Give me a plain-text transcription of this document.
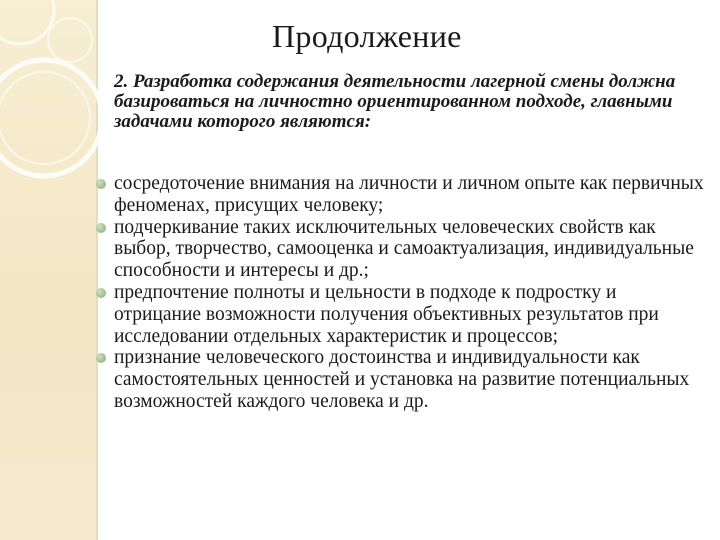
Продолжение

2. Разработка содержания деятельности лагерной смены должна базироваться на личностно ориентированном подходе, главными задачами которого являются:

сосредоточение внимания на личности и личном опыте как первичных феноменах, присущих человеку;
подчеркивание таких исключительных человеческих свойств как выбор, творчество, самооценка и самоактуализация, индивидуальные способности и интересы и др.;
предпочтение полноты и цельности в подходе к подростку и отрицание возможности получения объективных результатов при исследовании отдельных характеристик и процессов;
признание человеческого достоинства и индивидуальности как самостоятельных ценностей и установка на развитие потенциальных возможностей каждого человека и др.
